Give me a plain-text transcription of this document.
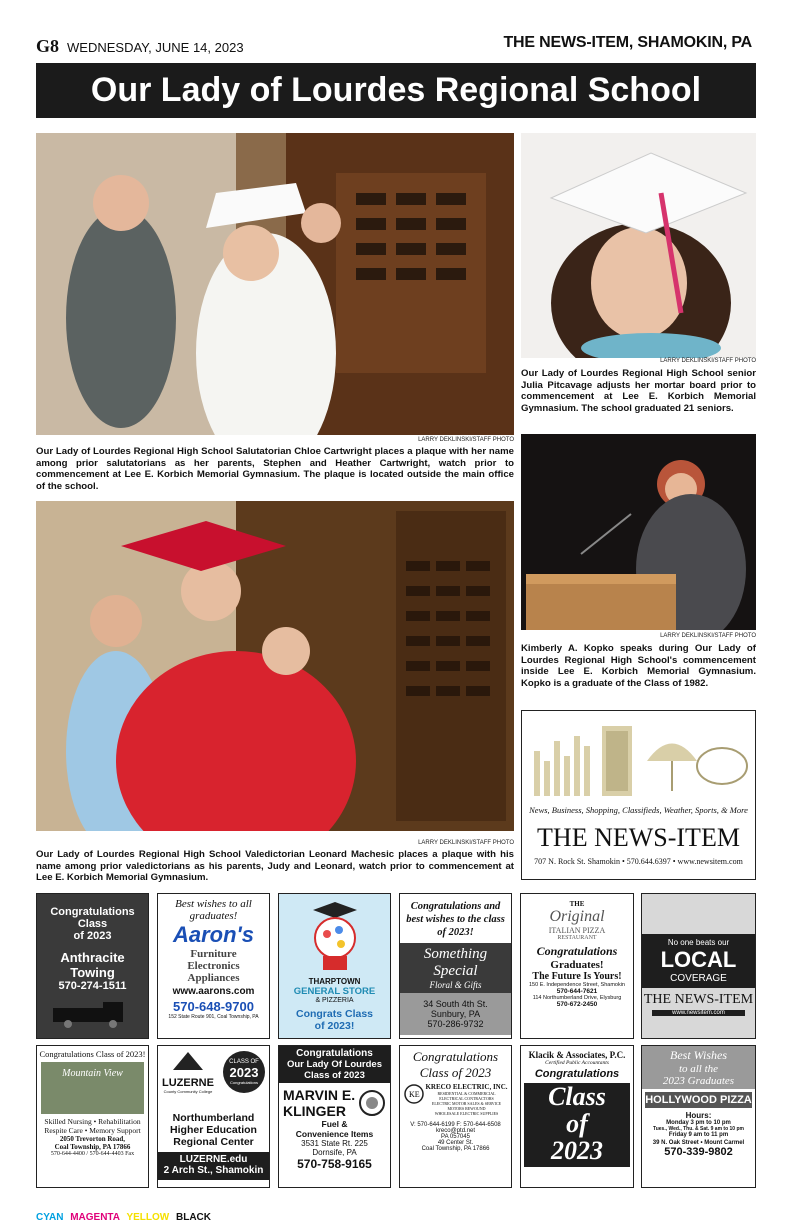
G8 WEDNESDAY, JUNE 14, 2023	THE NEWS-ITEM, SHAMOKIN, PA
Our Lady of Lourdes Regional School
LARRY DEKLINSKI/STAFF PHOTO
Our Lady of Lourdes Regional High School Salutatorian Chloe Cartwright places a plaque with her name among prior salutatorians as her parents, Stephen and Heather Cartwright, watch prior to commencement at Lee E. Korbich Memorial Gymnasium. The plaque is located outside the main office of the school.
LARRY DEKLINSKI/STAFF PHOTO
Our Lady of Lourdes Regional High School senior Julia Pitcavage adjusts her mortar board prior to commencement at Lee E. Korbich Memorial Gymnasium. The school graduated 21 seniors.
LARRY DEKLINSKI/STAFF PHOTO
Kimberly A. Kopko speaks during Our Lady of Lourdes Regional High School's commencement inside Lee E. Korbich Memorial Gymnasium. Kopko is a graduate of the Class of 1982.
LARRY DEKLINSKI/STAFF PHOTO
Our Lady of Lourdes Regional High School Valedictorian Leonard Machesic places a plaque with his name among prior valedictorians as his parents, Judy and Leonard, watch prior to commencement at Lee E. Korbich Memorial Gymnasium.
News, Business, Shopping, Classifieds, Weather, Sports, & More
THE NEWS-ITEM
707 N. Rock St. Shamokin • 570.644.6397 • www.newsitem.com
Congratulations
Class
of 2023
Anthracite
Towing
570-274-1511
Best wishes to all graduates!
Aaron's
Furniture
Electronics
Appliances
www.aarons.com
570-648-9700
152 State Route 901, Coal Township, PA
THARPTOWN
GENERAL STORE
& PIZZERIA
Congrats Class of 2023!
Congratulations and best wishes to the class of 2023!
Something Special
Floral & Gifts
34 South 4th St.
Sunbury, PA
570-286-9732
THE
Original
ITALIAN PIZZA
RESTAURANT
Congratulations
Graduates!
The Future Is Yours!
150 E. Independence Street, Shamokin
570-644-7621
114 Northumberland Drive, Elysburg
570-672-2450
No one beats our
LOCAL
COVERAGE
THE NEWS-ITEM
www.newsitem.com
Congratulations Class of 2023!
Mountain View
Skilled Nursing • Rehabilitation
Respite Care • Memory Support
2050 Trevorton Road,
Coal Township, PA 17866
570-644-4400 / 570-644-4403 Fax
LUZERNE
County Community College
CLASS OF
2023
Congratulations
Northumberland
Higher Education
Regional Center
LUZERNE.edu
2 Arch St., Shamokin
Congratulations
Our Lady Of Lourdes
Class of 2023
MARVIN E.
KLINGER
Fuel &
Convenience Items
3531 State Rt. 225
Dornsife, PA
570-758-9165
Congratulations
Class of 2023
KE
KRECO ELECTRIC, INC.
RESIDENTIAL & COMMERCIAL
ELECTRICAL CONTRACTORS
ELECTRIC MOTOR SALES & SERVICE
MOTORS REWOUND
WHOLESALE ELECTRIC SUPPLIES
V: 570-644-6199 F: 570-644-6508
kreco@ptd.net
PA 057045
49 Center St.
Coal Township, PA 17866
Klacik & Associates, P.C.
Certified Public Accountants
Congratulations
Class
of
2023
Best Wishes
to all the
2023 Graduates
HOLLYWOOD PIZZA
Hours:
Monday 3 pm to 10 pm
Tues., Wed., Thu. & Sat. 9 am to 10 pm
Friday 9 am to 11 pm
39 N. Oak Street • Mount Carmel
570-339-9802
CYAN MAGENTA YELLOW BLACK
